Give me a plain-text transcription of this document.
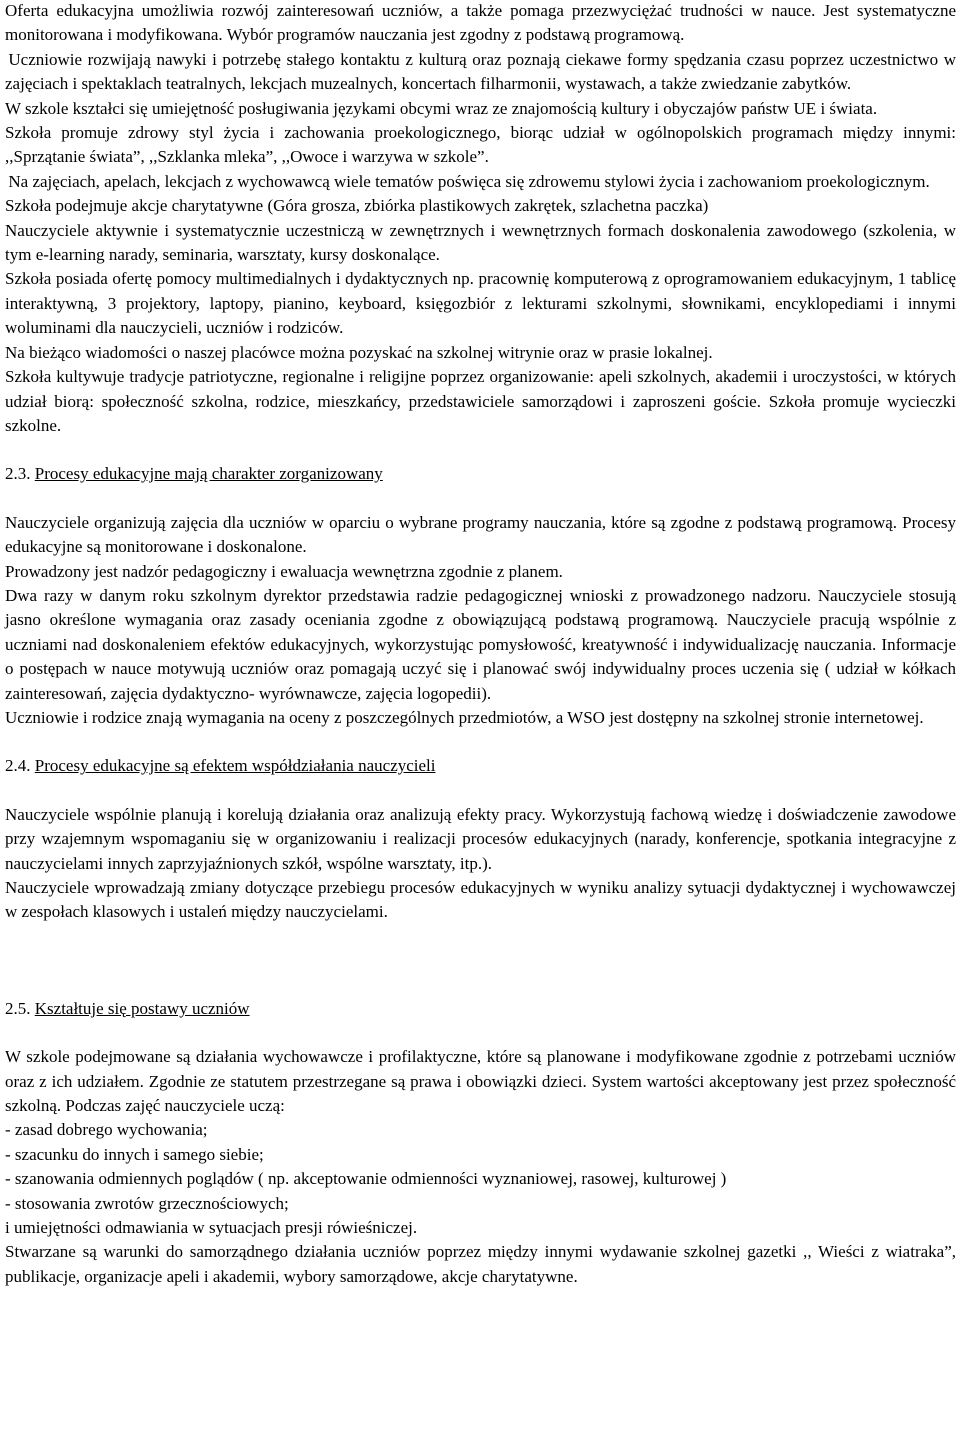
Oferta edukacyjna umożliwia rozwój zainteresowań uczniów, a także pomaga przezwyciężać trudności w nauce. Jest systematyczne monitorowana i modyfikowana. Wybór programów nauczania jest zgodny z podstawą programową.

Uczniowie rozwijają nawyki i potrzebę stałego kontaktu z kulturą oraz poznają ciekawe formy spędzania czasu poprzez uczestnictwo w zajęciach i spektaklach teatralnych, lekcjach muzealnych, koncertach filharmonii, wystawach, a także zwiedzanie zabytków.

W szkole kształci się umiejętność posługiwania językami obcymi wraz ze znajomością kultury i obyczajów państw UE i świata.

Szkoła promuje zdrowy styl życia i zachowania proekologicznego, biorąc udział w ogólnopolskich programach między innymi: ,,Sprzątanie świata”, ,,Szklanka mleka”, ,,Owoce i warzywa w szkole”.

Na zajęciach, apelach, lekcjach z wychowawcą wiele tematów poświęca się zdrowemu stylowi życia i zachowaniom proekologicznym.

Szkoła podejmuje akcje charytatywne (Góra grosza, zbiórka plastikowych zakrętek, szlachetna paczka)

Nauczyciele aktywnie i systematycznie uczestniczą w zewnętrznych i wewnętrznych formach doskonalenia zawodowego (szkolenia, w tym e-learning narady, seminaria, warsztaty, kursy doskonalące.

Szkoła posiada ofertę pomocy multimedialnych i dydaktycznych np. pracownię komputerową z oprogramowaniem edukacyjnym, 1 tablicę interaktywną, 3 projektory, laptopy, pianino, keyboard, księgozbiór z lekturami szkolnymi, słownikami, encyklopediami i innymi woluminami dla nauczycieli, uczniów i rodziców.

Na bieżąco wiadomości o naszej placówce można pozyskać na szkolnej witrynie oraz w prasie lokalnej.

Szkoła kultywuje tradycje patriotyczne, regionalne i religijne poprzez organizowanie: apeli szkolnych, akademii i uroczystości, w których udział biorą: społeczność szkolna, rodzice, mieszkańcy, przedstawiciele samorządowi i zaproszeni goście. Szkoła promuje wycieczki szkolne.

2.3. Procesy edukacyjne mają charakter zorganizowany

Nauczyciele organizują zajęcia dla uczniów w oparciu o wybrane programy nauczania, które są zgodne z podstawą programową. Procesy edukacyjne są monitorowane i doskonalone.

Prowadzony jest nadzór pedagogiczny i ewaluacja wewnętrzna zgodnie z planem.

Dwa razy w danym roku szkolnym dyrektor przedstawia radzie pedagogicznej wnioski z prowadzonego nadzoru. Nauczyciele stosują jasno określone wymagania oraz zasady oceniania zgodne z obowiązującą podstawą programową. Nauczyciele pracują wspólnie z uczniami nad doskonaleniem efektów edukacyjnych, wykorzystując pomysłowość, kreatywność i indywidualizację nauczania. Informacje o postępach w nauce motywują uczniów oraz pomagają uczyć się i planować swój indywidualny proces uczenia się ( udział w kółkach zainteresowań, zajęcia dydaktyczno- wyrównawcze, zajęcia logopedii).

Uczniowie i rodzice znają wymagania na oceny z poszczególnych przedmiotów, a WSO jest dostępny na szkolnej stronie internetowej.

2.4. Procesy edukacyjne są efektem współdziałania nauczycieli

Nauczyciele wspólnie planują i korelują działania oraz analizują efekty pracy. Wykorzystują fachową wiedzę i doświadczenie zawodowe przy wzajemnym wspomaganiu się w organizowaniu i realizacji procesów edukacyjnych (narady, konferencje, spotkania integracyjne z nauczycielami innych zaprzyjaźnionych szkół, wspólne warsztaty, itp.).

Nauczyciele wprowadzają zmiany dotyczące przebiegu procesów edukacyjnych w wyniku analizy sytuacji dydaktycznej i wychowawczej w zespołach klasowych i ustaleń między nauczycielami.

2.5. Kształtuje się postawy uczniów

W szkole podejmowane są działania wychowawcze i profilaktyczne, które są planowane i modyfikowane zgodnie z potrzebami uczniów oraz z ich udziałem. Zgodnie ze statutem przestrzegane są prawa i obowiązki dzieci. System wartości akceptowany jest przez społeczność szkolną. Podczas zajęć nauczyciele uczą:

- zasad dobrego wychowania;

- szacunku do innych i samego siebie;

- szanowania odmiennych poglądów ( np. akceptowanie odmienności wyznaniowej, rasowej, kulturowej )

- stosowania zwrotów grzecznościowych;

i umiejętności odmawiania w sytuacjach presji rówieśniczej.

Stwarzane są warunki do samorządnego działania uczniów poprzez między innymi wydawanie szkolnej gazetki ,, Wieści z wiatraka”, publikacje, organizacje apeli i akademii, wybory samorządowe, akcje charytatywne.
